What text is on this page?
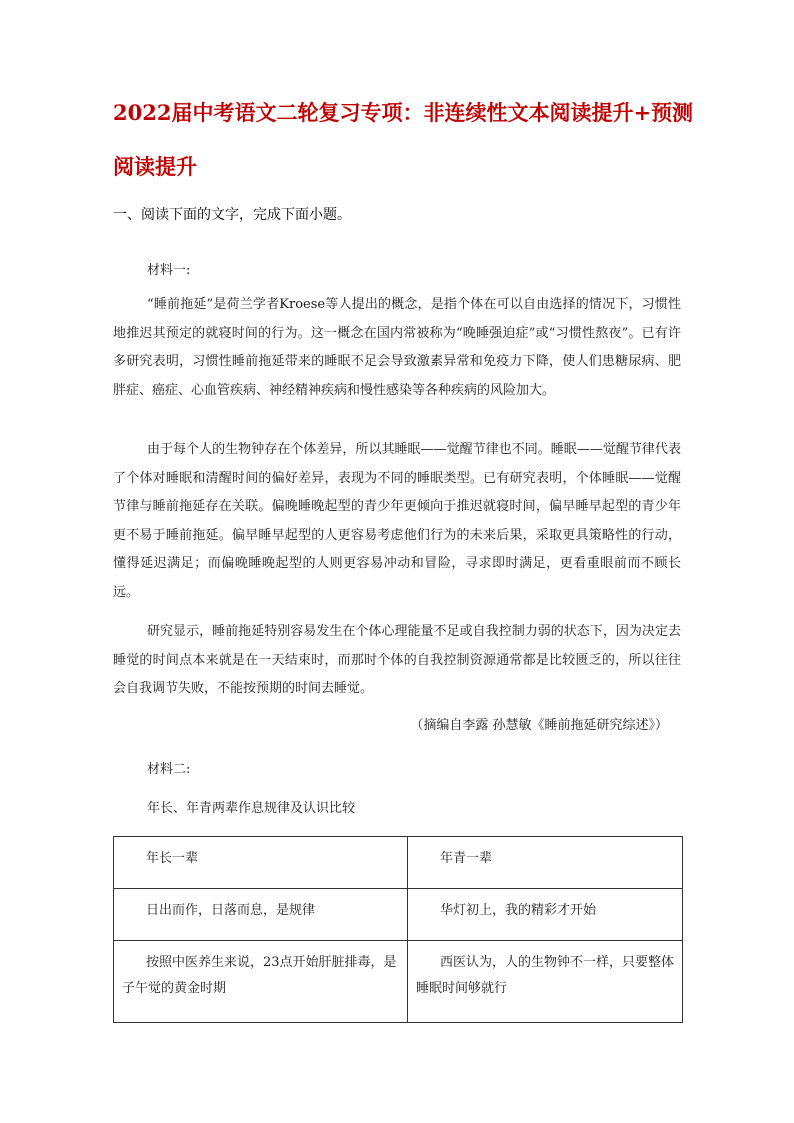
2022届中考语文二轮复习专项：非连续性文本阅读提升+预测
阅读提升
一、阅读下面的文字，完成下面小题。
材料一:

“睡前拖延”是荷兰学者Kroese等人提出的概念，是指个体在可以自由选择的情况下，习惯性地推迟其预定的就寝时间的行为。这一概念在国内常被称为“晚睡强迫症”或“习惯性熬夜”。已有许多研究表明，习惯性睡前拖延带来的睡眠不足会导致激素异常和免疫力下降，使人们患糖尿病、肥胖症、癌症、心血管疾病、神经精神疾病和慢性感染等各种疾病的风险加大。

由于每个人的生物钟存在个体差异，所以其睡眠——觉醒节律也不同。睡眠——觉醒节律代表了个体对睡眠和清醒时间的偏好差异，表现为不同的睡眠类型。已有研究表明，个体睡眠——觉醒节律与睡前拖延存在关联。偏晚睡晚起型的青少年更倾向于推迟就寝时间，偏早睡早起型的青少年更不易于睡前拖延。偏早睡早起型的人更容易考虑他们行为的未来后果，采取更具策略性的行动，懂得延迟满足；而偏晚睡晚起型的人则更容易冲动和冒险，寻求即时满足，更看重眼前而不顾长远。

研究显示，睡前拖延特别容易发生在个体心理能量不足或自我控制力弱的状态下，因为决定去睡觉的时间点本来就是在一天结束时，而那时个体的自我控制资源通常都是比较匮乏的，所以往往会自我调节失败，不能按预期的时间去睡觉。

（摘编自李露 孙慧敏《睡前拖延研究综述》）
材料二:
年长、年青两辈作息规律及认识比较
年长一辈	年青一辈

日出而作，日落而息，是规律	华灯初上，我的精彩才开始

按照中医养生来说，23点开始肝脏排毒，是子午觉的黄金时期	西医认为，人的生物钟不一样，只要整体睡眠时间够就行
